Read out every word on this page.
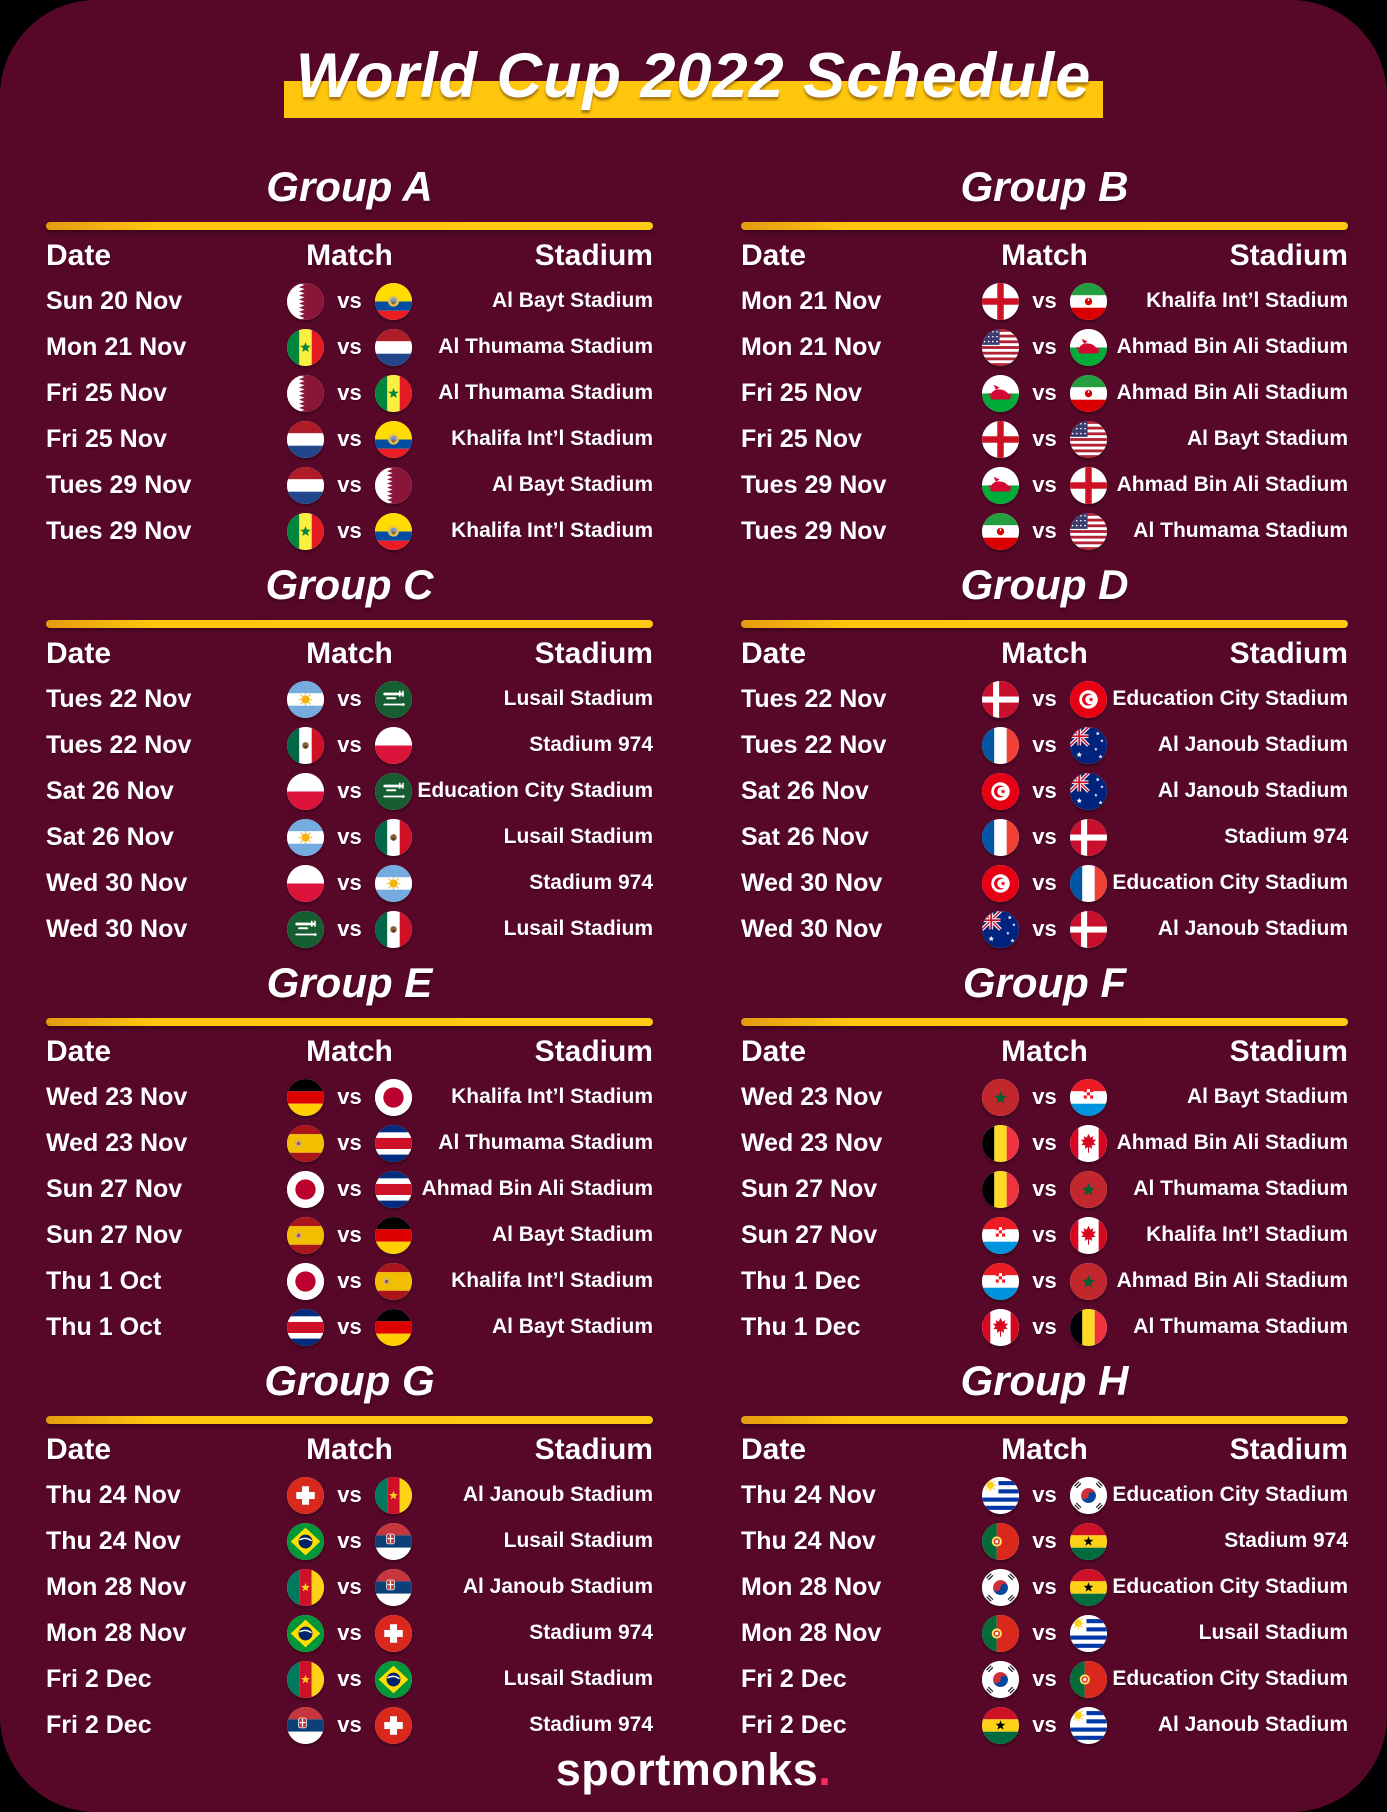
World Cup 2022 Schedule
Group A
Date	Match	Stadium
Sun 20 Nov	vs	Al Bayt Stadium
Mon 21 Nov	vs	Al Thumama Stadium
Fri 25 Nov	vs	Al Thumama Stadium
Fri 25 Nov	vs	Khalifa Int’l Stadium
Tues 29 Nov	vs	Al Bayt Stadium
Tues 29 Nov	vs	Khalifa Int’l Stadium
Group B
Date	Match	Stadium
Mon 21 Nov	vs	Khalifa Int’l Stadium
Mon 21 Nov	vs	Ahmad Bin Ali Stadium
Fri 25 Nov	vs	Ahmad Bin Ali Stadium
Fri 25 Nov	vs	Al Bayt Stadium
Tues 29 Nov	vs	Ahmad Bin Ali Stadium
Tues 29 Nov	vs	Al Thumama Stadium
Group C
Date	Match	Stadium
Tues 22 Nov	vs	Lusail Stadium
Tues 22 Nov	vs	Stadium 974
Sat 26 Nov	vs	Education City Stadium
Sat 26 Nov	vs	Lusail Stadium
Wed 30 Nov	vs	Stadium 974
Wed 30 Nov	vs	Lusail Stadium
Group D
Date	Match	Stadium
Tues 22 Nov	vs	Education City Stadium
Tues 22 Nov	vs	Al Janoub Stadium
Sat 26 Nov	vs	Al Janoub Stadium
Sat 26 Nov	vs	Stadium 974
Wed 30 Nov	vs	Education City Stadium
Wed 30 Nov	vs	Al Janoub Stadium
Group E
Date	Match	Stadium
Wed 23 Nov	vs	Khalifa Int’l Stadium
Wed 23 Nov	vs	Al Thumama Stadium
Sun 27 Nov	vs	Ahmad Bin Ali Stadium
Sun 27 Nov	vs	Al Bayt Stadium
Thu 1 Oct	vs	Khalifa Int’l Stadium
Thu 1 Oct	vs	Al Bayt Stadium
Group F
Date	Match	Stadium
Wed 23 Nov	vs	Al Bayt Stadium
Wed 23 Nov	vs	Ahmad Bin Ali Stadium
Sun 27 Nov	vs	Al Thumama Stadium
Sun 27 Nov	vs	Khalifa Int’l Stadium
Thu 1 Dec	vs	Ahmad Bin Ali Stadium
Thu 1 Dec	vs	Al Thumama Stadium
Group G
Date	Match	Stadium
Thu 24 Nov	vs	Al Janoub Stadium
Thu 24 Nov	vs	Lusail Stadium
Mon 28 Nov	vs	Al Janoub Stadium
Mon 28 Nov	vs	Stadium 974
Fri 2 Dec	vs	Lusail Stadium
Fri 2 Dec	vs	Stadium 974
Group H
Date	Match	Stadium
Thu 24 Nov	vs	Education City Stadium
Thu 24 Nov	vs	Stadium 974
Mon 28 Nov	vs	Education City Stadium
Mon 28 Nov	vs	Lusail Stadium
Fri 2 Dec	vs	Education City Stadium
Fri 2 Dec	vs	Al Janoub Stadium
sportmonks.
